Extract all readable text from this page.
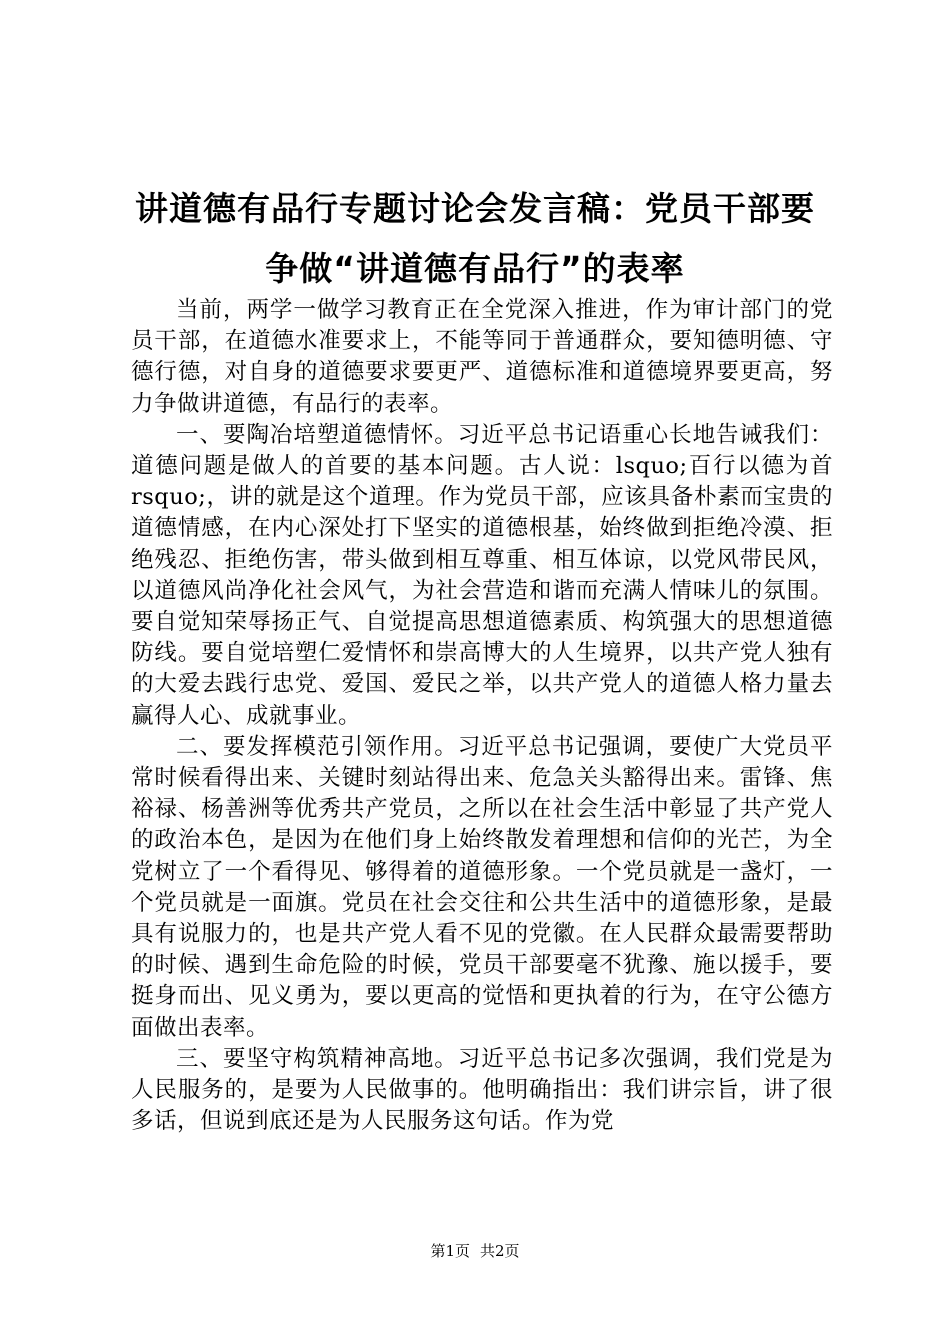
讲道德有品行专题讨论会发言稿：党员干部要
争做“讲道德有品行”的表率

当前，两学一做学习教育正在全党深入推进，作为审计部门的党员干部，在道德水准要求上，不能等同于普通群众，要知德明德、守德行德，对自身的道德要求要更严、道德标准和道德境界要更高，努力争做讲道德，有品行的表率。

一、要陶冶培塑道德情怀。习近平总书记语重心长地告诫我们：道德问题是做人的首要的基本问题。古人说：lsquo;百行以德为首rsquo;，讲的就是这个道理。作为党员干部，应该具备朴素而宝贵的道德情感，在内心深处打下坚实的道德根基，始终做到拒绝冷漠、拒绝残忍、拒绝伤害，带头做到相互尊重、相互体谅，以党风带民风，以道德风尚净化社会风气，为社会营造和谐而充满人情味儿的氛围。要自觉知荣辱扬正气、自觉提高思想道德素质、构筑强大的思想道德防线。要自觉培塑仁爱情怀和崇高博大的人生境界，以共产党人独有的大爱去践行忠党、爱国、爱民之举，以共产党人的道德人格力量去赢得人心、成就事业。

二、要发挥模范引领作用。习近平总书记强调，要使广大党员平常时候看得出来、关键时刻站得出来、危急关头豁得出来。雷锋、焦裕禄、杨善洲等优秀共产党员，之所以在社会生活中彰显了共产党人的政治本色，是因为在他们身上始终散发着理想和信仰的光芒，为全党树立了一个看得见、够得着的道德形象。一个党员就是一盏灯，一个党员就是一面旗。党员在社会交往和公共生活中的道德形象，是最具有说服力的，也是共产党人看不见的党徽。在人民群众最需要帮助的时候、遇到生命危险的时候，党员干部要毫不犹豫、施以援手，要挺身而出、见义勇为，要以更高的觉悟和更执着的行为，在守公德方面做出表率。

三、要坚守构筑精神高地。习近平总书记多次强调，我们党是为人民服务的，是要为人民做事的。他明确指出：我们讲宗旨，讲了很多话，但说到底还是为人民服务这句话。作为党

第1页 共2页
